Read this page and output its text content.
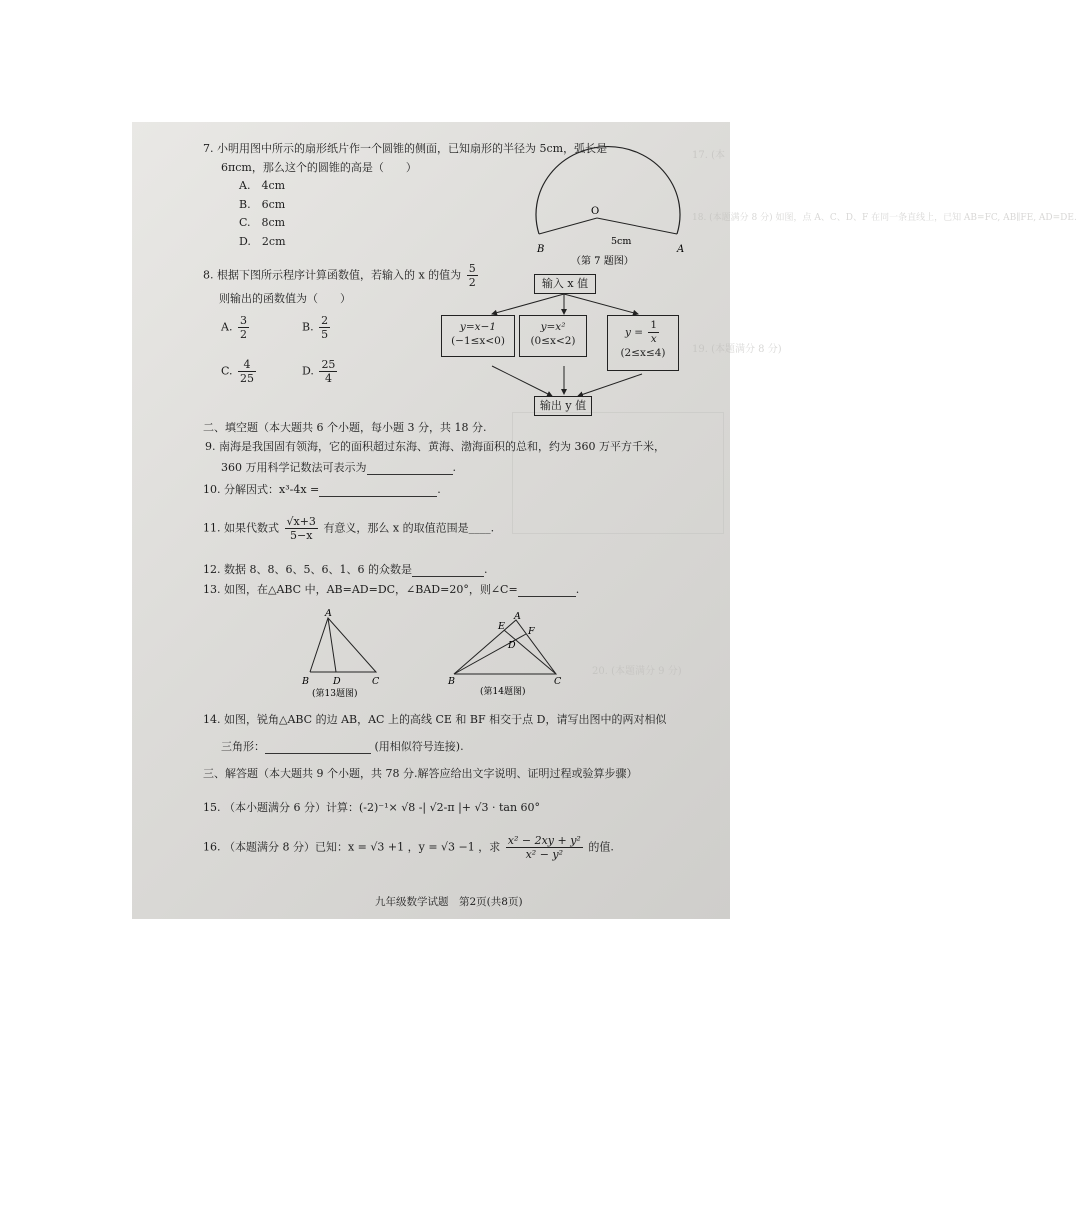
17. (本
18. (本题满分 8 分) 如图，点 A、C、D、F 在同一条直线上，已知 AB=FC, AB∥FE, AD=DE.
19. (本题满分 8 分)
20. (本题满分 9 分)
7. 小明用图中所示的扇形纸片作一个圆锥的侧面，已知扇形的半径为 5cm，弧长是
6πcm，那么这个的圆锥的高是（　　）
A.　4cm
B.　6cm
C.　8cm
D.　2cm
O
B	A
5cm
（第 7 题图）
8. 根据下图所示程序计算函数值，若输入的 x 的值为 $\frac{5}{2}$
则输出的函数值为（　　）
A. $\frac{3}{2}$	B. $\frac{2}{5}$
C. $\frac{4}{25}$	D. $\frac{25}{4}$
输入 x 值
y=x−1
(−1≤x<0)
y=x²
(0≤x<2)
$y = \frac{1}{x}$
(2≤x≤4)
输出 y 值
二、填空题（本大题共 6 个小题，每小题 3 分，共 18 分.
9. 南海是我国固有领海，它的面积超过东海、黄海、渤海面积的总和，约为 360 万平方千米，
360 万用科学记数法可表示为	.
10. 分解因式：x³-4x =	.
11. 如果代数式 $\frac{√x+3}{5-x}$ 有意义，那么 x 的取值范围是____.
12. 数据 8、8、6、5、6、1、6 的众数是	.
13. 如图，在△ABC 中，AB=AD=DC，∠BAD=20°，则∠C=	.
A
B	D	C
(第13题图)
A
E F
D
B	C
(第14题图)
14. 如图，锐角△ABC 的边 AB，AC 上的高线 CE 和 BF 相交于点 D，请写出图中的两对相似
三角形：	(用相似符号连接).
三、解答题（本大题共 9 个小题，共 78 分.解答应给出文字说明、证明过程或验算步骤）
15. （本小题满分 6 分）计算：(-2)⁻¹× √8 -| √2-π |+ √3 · tan 60°
16. （本题满分 8 分）已知：x = √3 +1 ，y = √3 −1 ，求 $\frac{\text{x² − 2xy + y²}}{\text{x² − y²}}$ 的值.
九年级数学试题　第2页(共8页)
